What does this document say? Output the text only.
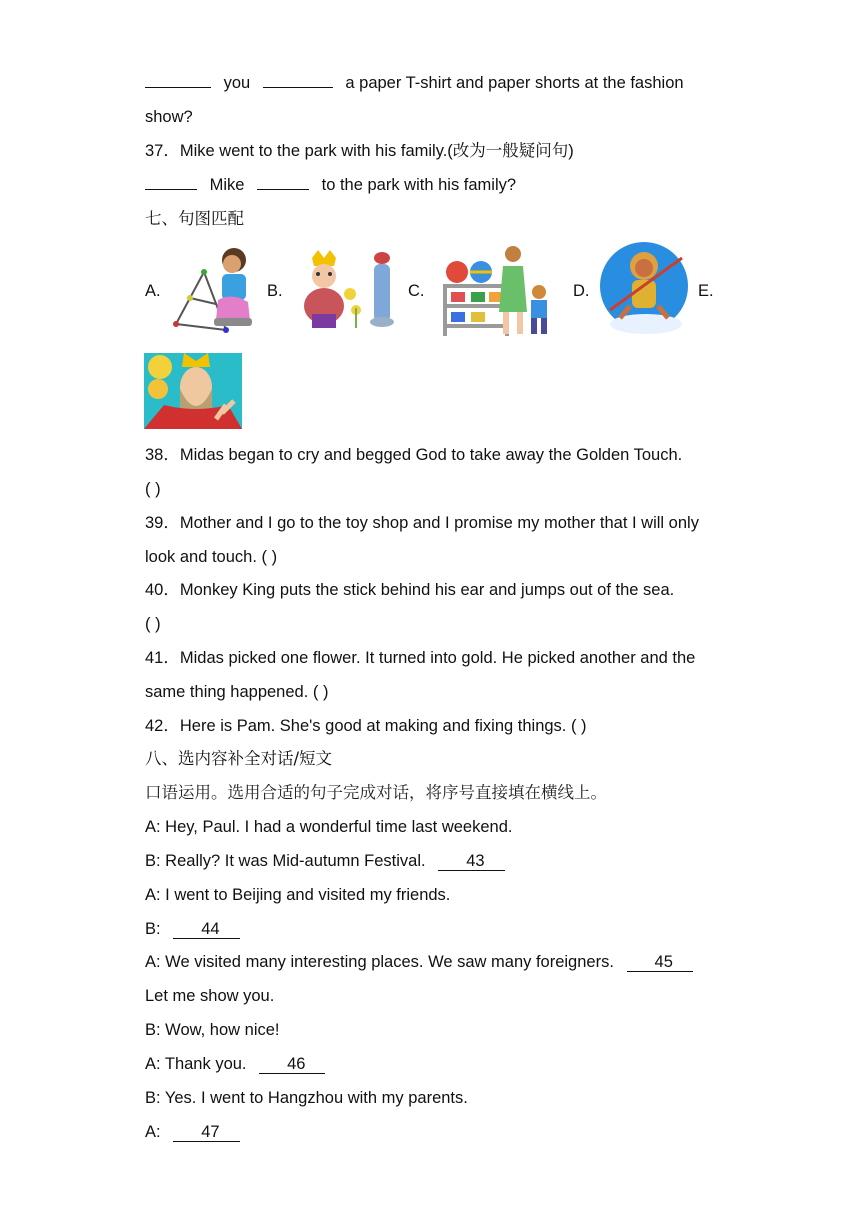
you	a paper T-shirt and paper shorts at the fashion
show?
37．Mike went to the park with his family.(改为一般疑问句)
Mike	to the park with his family?
七、句图匹配
A.	B.	C.	D.	E.
38．Midas began to cry and begged God to take away the Golden Touch.
( )
39．Mother and I go to the toy shop and I promise my mother that I will only
look and touch. ( )
40．Monkey King puts the stick behind his ear and jumps out of the sea.
( )
41．Midas picked one flower. It turned into gold. He picked another and the
same thing happened. ( )
42．Here is Pam. She's good at making and fixing things. ( )
八、选内容补全对话/短文
口语运用。选用合适的句子完成对话，将序号直接填在横线上。
A: Hey, Paul. I had a wonderful time last weekend.
B: Really? It was Mid-autumn Festival. 43
A: I went to Beijing and visited my friends.
B: 44
A: We visited many interesting places. We saw many foreigners. 45
Let me show you.
B: Wow, how nice!
A: Thank you. 46
B: Yes. I went to Hangzhou with my parents.
A: 47
